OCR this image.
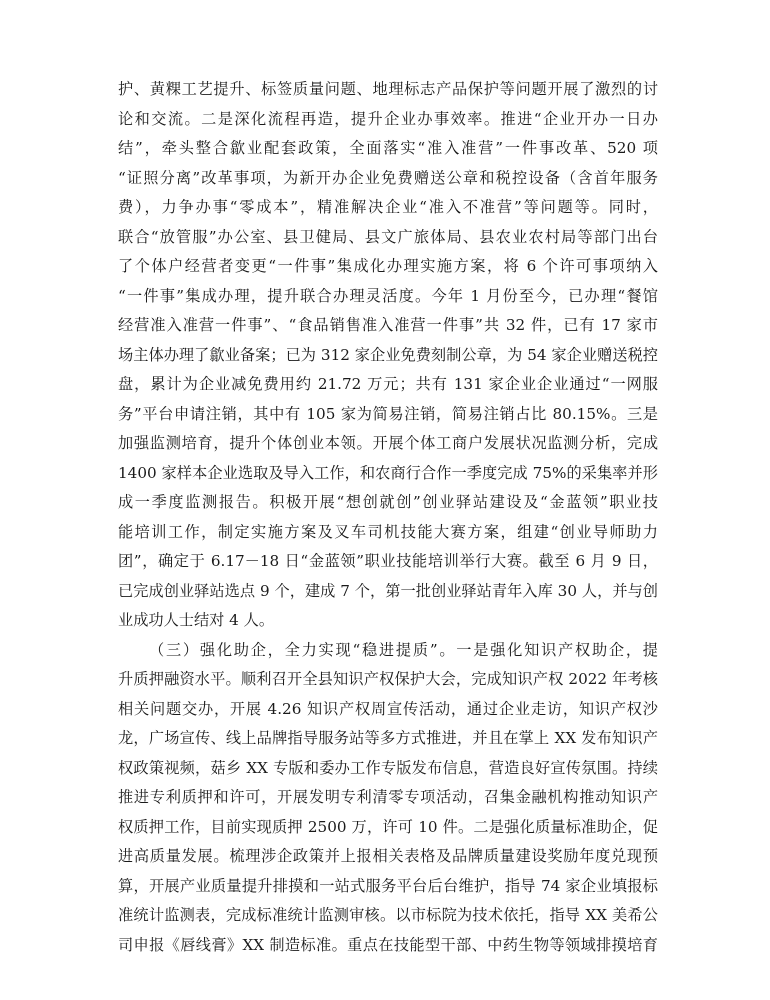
护、黄粿工艺提升、标签质量问题、地理标志产品保护等问题开展了激烈的讨
论和交流。二是深化流程再造，提升企业办事效率。推进“企业开办一日办
结”，牵头整合歙业配套政策，全面落实“准入准营”一件事改革、520 项
“证照分离”改革事项，为新开办企业免费赠送公章和税控设备（含首年服务
费），力争办事“零成本”，精准解决企业“准入不准营”等问题等。同时，
联合“放管服”办公室、县卫健局、县文广旅体局、县农业农村局等部门出台
了个体户经营者变更“一件事”集成化办理实施方案，将 6 个许可事项纳入
“一件事”集成办理，提升联合办理灵活度。今年 1 月份至今，已办理“餐馆
经营准入准营一件事”、“食品销售准入准营一件事”共 32 件，已有 17 家市
场主体办理了歙业备案；已为 312 家企业免费刻制公章，为 54 家企业赠送税控
盘，累计为企业减免费用约 21.72 万元；共有 131 家企业企业通过“一网服
务”平台申请注销，其中有 105 家为简易注销，简易注销占比 80.15%。三是
加强监测培育，提升个体创业本领。开展个体工商户发展状况监测分析，完成
1400 家样本企业选取及导入工作，和农商行合作一季度完成 75%的采集率并形
成一季度监测报告。积极开展“想创就创”创业驿站建设及“金蓝领”职业技
能培训工作，制定实施方案及叉车司机技能大赛方案，组建“创业导师助力
团”，确定于 6.17－18 日“金蓝领”职业技能培训举行大赛。截至 6 月 9 日，
已完成创业驿站选点 9 个，建成 7 个，第一批创业驿站青年入库 30 人，并与创
业成功人士结对 4 人。
（三）强化助企，全力实现“稳进提质”。一是强化知识产权助企，提
升质押融资水平。顺利召开全县知识产权保护大会，完成知识产权 2022 年考核
相关问题交办，开展 4.26 知识产权周宣传活动，通过企业走访，知识产权沙
龙，广场宣传、线上品牌指导服务站等多方式推进，并且在掌上 XX 发布知识产
权政策视频，菇乡 XX 专版和委办工作专版发布信息，营造良好宣传氛围。持续
推进专利质押和许可，开展发明专利清零专项活动，召集金融机构推动知识产
权质押工作，目前实现质押 2500 万，许可 10 件。二是强化质量标准助企，促
进高质量发展。梳理涉企政策并上报相关表格及品牌质量建设奖励年度兑现预
算，开展产业质量提升排摸和一站式服务平台后台维护，指导 74 家企业填报标
准统计监测表，完成标准统计监测审核。以市标院为技术依托，指导 XX 美希公
司申报《唇线膏》XX 制造标准。重点在技能型干部、中药生物等领域排摸培育
